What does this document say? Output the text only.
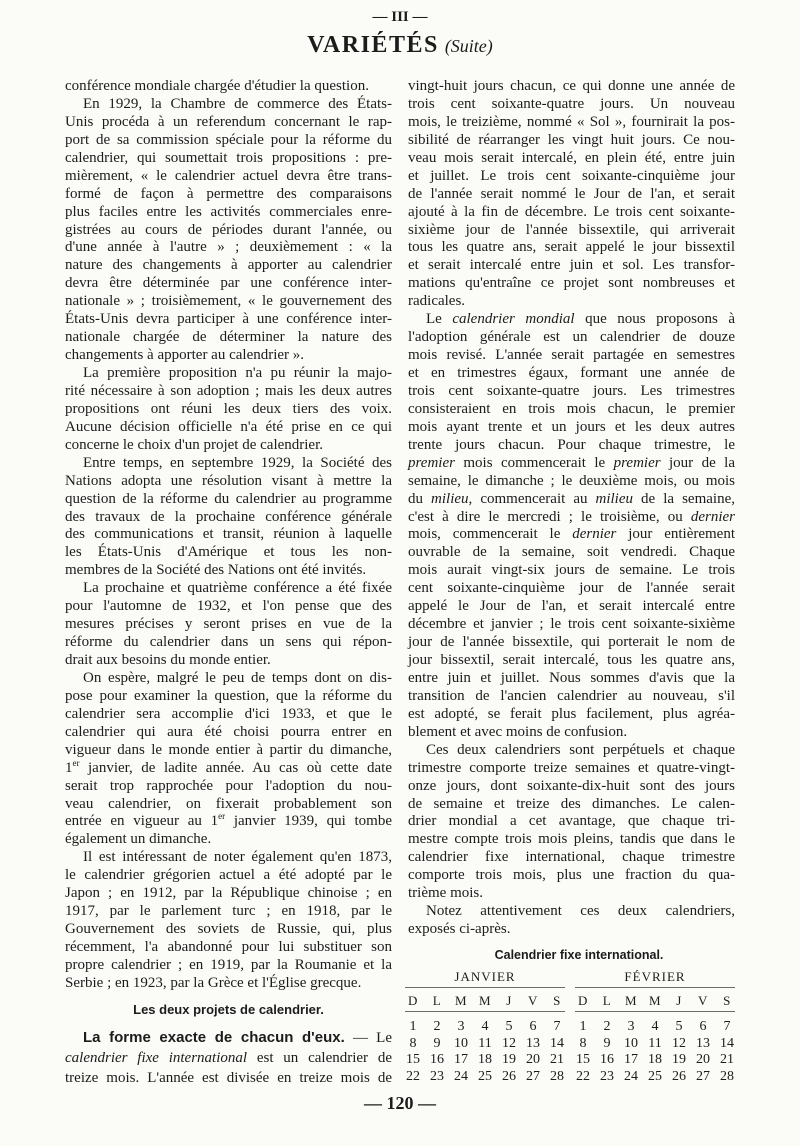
— III —
VARIÉTÉS (Suite)
conférence mondiale chargée d'étudier la question.
En 1929, la Chambre de commerce des États-
Unis procéda à un referendum concernant le rap-
port de sa commission spéciale pour la réforme du
calendrier, qui soumettait trois propositions : pre-
mièrement, « le calendrier actuel devra être trans-
formé de façon à permettre des comparaisons
plus faciles entre les activités commerciales enre-
gistrées au cours de périodes durant l'année, ou
d'une année à l'autre » ; deuxièmement : « la
nature des changements à apporter au calendrier
devra être déterminée par une conférence inter-
nationale » ; troisièmement, « le gouvernement des
États-Unis devra participer à une conférence inter-
nationale chargée de déterminer la nature des
changements à apporter au calendrier ».
La première proposition n'a pu réunir la majo-
rité nécessaire à son adoption ; mais les deux autres
propositions ont réuni les deux tiers des voix.
Aucune décision officielle n'a été prise en ce qui
concerne le choix d'un projet de calendrier.
Entre temps, en septembre 1929, la Société des
Nations adopta une résolution visant à mettre la
question de la réforme du calendrier au programme
des travaux de la prochaine conférence générale
des communications et transit, réunion à laquelle
les États-Unis d'Amérique et tous les non-
membres de la Société des Nations ont été invités.
La prochaine et quatrième conférence a été fixée
pour l'automne de 1932, et l'on pense que des
mesures précises y seront prises en vue de la
réforme du calendrier dans un sens qui répon-
drait aux besoins du monde entier.
On espère, malgré le peu de temps dont on dis-
pose pour examiner la question, que la réforme du
calendrier sera accomplie d'ici 1933, et que le
calendrier qui aura été choisi pourra entrer en
vigueur dans le monde entier à partir du dimanche,
1er janvier, de ladite année. Au cas où cette date
serait trop rapprochée pour l'adoption du nou-
veau calendrier, on fixerait probablement son
entrée en vigueur au 1er janvier 1939, qui tombe
également un dimanche.
Il est intéressant de noter également qu'en 1873,
le calendrier grégorien actuel a été adopté par le
Japon ; en 1912, par la République chinoise ; en
1917, par le parlement turc ; en 1918, par le
Gouvernement des soviets de Russie, qui, plus
récemment, l'a abandonné pour lui substituer son
propre calendrier ; en 1919, par la Roumanie et la
Serbie ; en 1923, par la Grèce et l'Église grecque.
Les deux projets de calendrier.
La forme exacte de chacun d'eux. — Le
calendrier fixe international est un calendrier de
treize mois. L'année est divisée en treize mois de
vingt-huit jours chacun, ce qui donne une année de
trois cent soixante-quatre jours. Un nouveau
mois, le treizième, nommé « Sol », fournirait la pos-
sibilité de réarranger les vingt huit jours. Ce nou-
veau mois serait intercalé, en plein été, entre juin
et juillet. Le trois cent soixante-cinquième jour
de l'année serait nommé le Jour de l'an, et serait
ajouté à la fin de décembre. Le trois cent soixante-
sixième jour de l'année bissextile, qui arriverait
tous les quatre ans, serait appelé le jour bissextil
et serait intercalé entre juin et sol. Les transfor-
mations qu'entraîne ce projet sont nombreuses et
radicales.
Le calendrier mondial que nous proposons à
l'adoption générale est un calendrier de douze
mois revisé. L'année serait partagée en semestres
et en trimestres égaux, formant une année de
trois cent soixante-quatre jours. Les trimestres
consisteraient en trois mois chacun, le premier
mois ayant trente et un jours et les deux autres
trente jours chacun. Pour chaque trimestre, le
premier mois commencerait le premier jour de la
semaine, le dimanche ; le deuxième mois, ou mois
du milieu, commencerait au milieu de la semaine,
c'est à dire le mercredi ; le troisième, ou dernier
mois, commencerait le dernier jour entièrement
ouvrable de la semaine, soit vendredi. Chaque
mois aurait vingt-six jours de semaine. Le trois
cent soixante-cinquième jour de l'année serait
appelé le Jour de l'an, et serait intercalé entre
décembre et janvier ; le trois cent soixante-sixième
jour de l'année bissextile, qui porterait le nom de
jour bissextil, serait intercalé, tous les quatre ans,
entre juin et juillet. Nous sommes d'avis que la
transition de l'ancien calendrier au nouveau, s'il
est adopté, se ferait plus facilement, plus agréa-
blement et avec moins de confusion.
Ces deux calendriers sont perpétuels et chaque
trimestre comporte treize semaines et quatre-vingt-
onze jours, dont soixante-dix-huit sont des jours
de semaine et treize des dimanches. Le calen-
drier mondial a cet avantage, que chaque tri-
mestre compte trois mois pleins, tandis que dans le
calendrier fixe international, chaque trimestre
comporte trois mois, plus une fraction du qua-
trième mois.
Notez attentivement ces deux calendriers,
exposés ci-après.
Calendrier fixe international.
JANVIER
D	L	M M	J	V	S
1	2	3	4	5	6	7
8	9 10 11 12 13 14
15 16 17 18 19 20 21
22 23 24 25 26 27 28
FÉVRIER
D	L	M M	J	V	S
1	2	3	4	5	6	7
8	9 10 11 12 13 14
15 16 17 18 19 20 21
22 23 24 25 26 27 28
— 120 —
